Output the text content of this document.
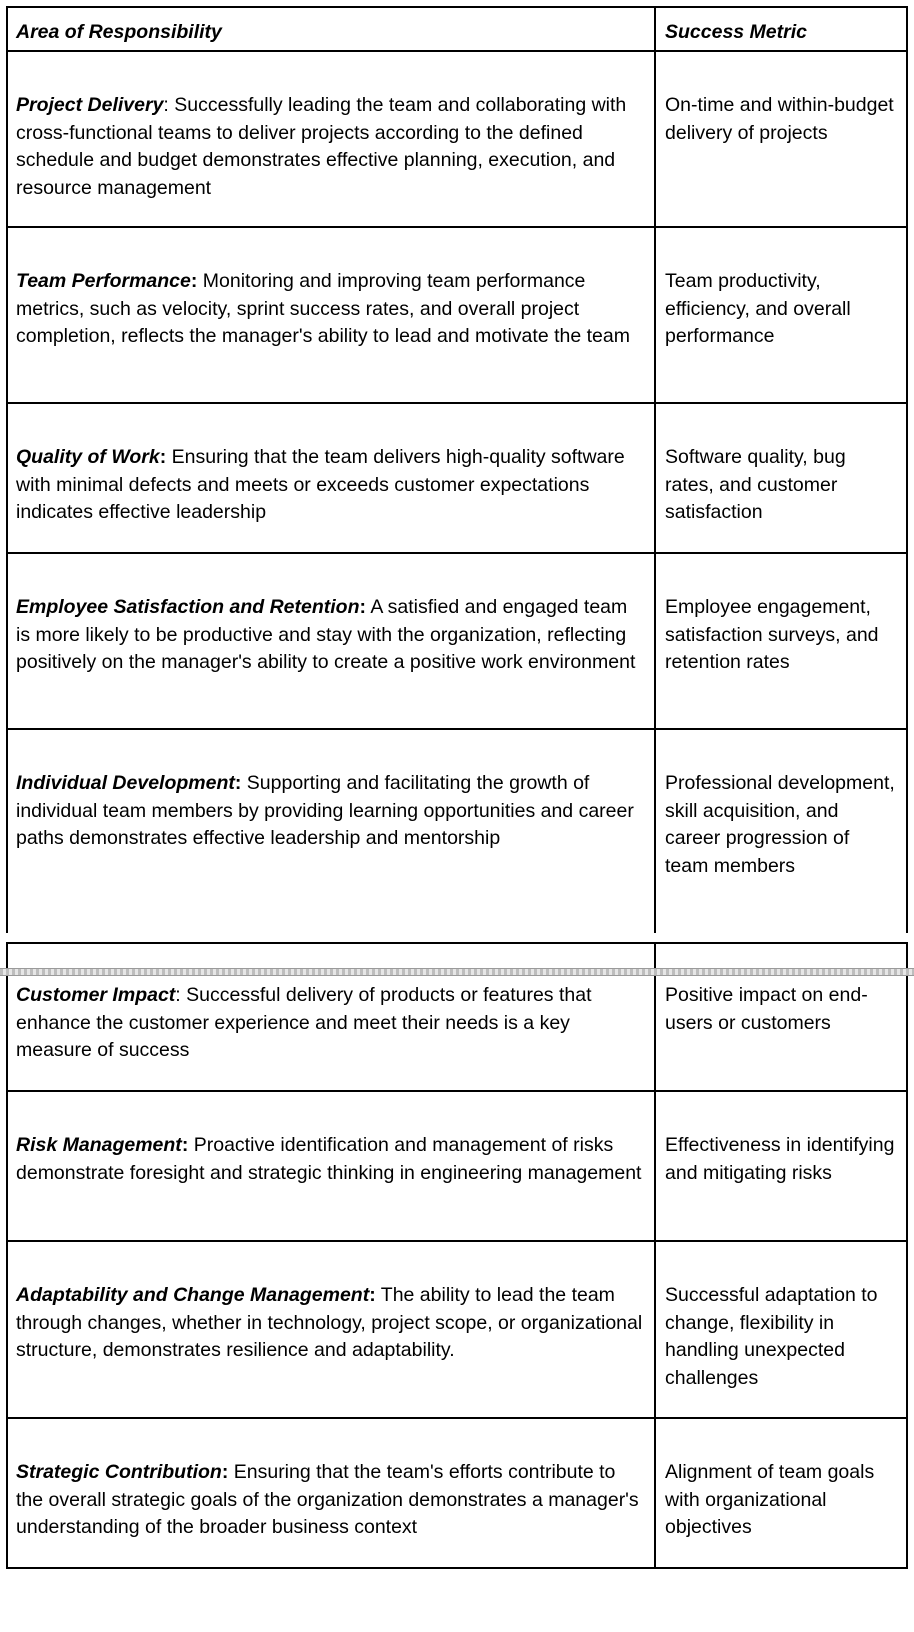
Area of Responsibility	Success Metric
Project Delivery: Successfully leading the team and collaborating with cross-functional teams to deliver projects according to the defined schedule and budget demonstrates effective planning, execution, and resource management
On-time and within-budget delivery of projects
Team Performance: Monitoring and improving team performance metrics, such as velocity, sprint success rates, and overall project completion, reflects the manager's ability to lead and motivate the team
Team productivity, efficiency, and overall performance
Quality of Work: Ensuring that the team delivers high-quality software with minimal defects and meets or exceeds customer expectations indicates effective leadership
Software quality, bug rates, and customer satisfaction
Employee Satisfaction and Retention: A satisfied and engaged team is more likely to be productive and stay with the organization, reflecting positively on the manager's ability to create a positive work environment
Employee engagement, satisfaction surveys, and retention rates
Individual Development: Supporting and facilitating the growth of individual team members by providing learning opportunities and career paths demonstrates effective leadership and mentorship
Professional development, skill acquisition, and career progression of team members
Customer Impact: Successful delivery of products or features that enhance the customer experience and meet their needs is a key measure of success
Positive impact on end-users or customers
Risk Management: Proactive identification and management of risks demonstrate foresight and strategic thinking in engineering management
Effectiveness in identifying and mitigating risks
Adaptability and Change Management: The ability to lead the team through changes, whether in technology, project scope, or organizational structure, demonstrates resilience and adaptability.
Successful adaptation to change, flexibility in handling unexpected challenges
Strategic Contribution: Ensuring that the team's efforts contribute to the overall strategic goals of the organization demonstrates a manager's understanding of the broader business context
Alignment of team goals with organizational objectives
